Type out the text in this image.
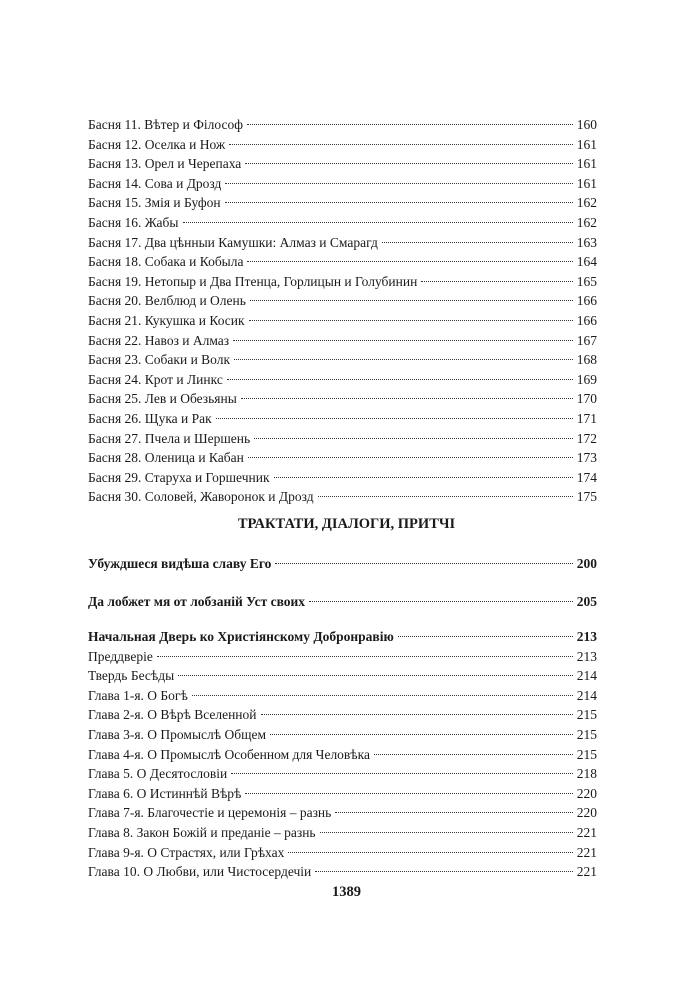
Басня 11. Вѣтер и Філософ	160
Басня 12. Оселка и Нож	161
Басня 13. Орел и Черепаха	161
Басня 14. Сова и Дрозд	161
Басня 15. Змія и Буфон	162
Басня 16. Жабы	162
Басня 17. Два цѣнныи Камушки: Алмаз и Смарагд	163
Басня 18. Собака и Кобыла	164
Басня 19. Нетопыр и Два Птенца, Горлицын и Голубинин	165
Басня 20. Велблюд и Олень	166
Басня 21. Кукушка и Косик	166
Басня 22. Навоз и Алмаз	167
Басня 23. Собаки и Волк	168
Басня 24. Крот и Линкс	169
Басня 25. Лев и Обезьяны	170
Басня 26. Щука и Рак	171
Басня 27. Пчела и Шершень	172
Басня 28. Оленица и Кабан	173
Басня 29. Старуха и Горшечник	174
Басня 30. Соловей, Жаворонок и Дрозд	175
ТРАКТАТИ, ДІАЛОГИ, ПРИТЧІ
Убуждшеся видѣша славу Его	200
Да лобжет мя от лобзаній Уст своих	205
Начальная Дверь ко Христіянскому Добронравію	213
Преддверіе	213
Твердь Бесѣды	214
Глава 1-я. О Богѣ	214
Глава 2-я. О Вѣрѣ Вселенной	215
Глава 3-я. О Промыслѣ Общем	215
Глава 4-я. О Промыслѣ Особенном для Человѣка	215
Глава 5. О Десятословіи	218
Глава 6. О Истиннѣй Вѣрѣ	220
Глава 7-я. Благочестіе и церемонія – разнь	220
Глава 8. Закон Божій и преданіе – разнь	221
Глава 9-я. О Страстях, или Грѣхах	221
Глава 10. О Любви, или Чистосердечіи	221
1389
